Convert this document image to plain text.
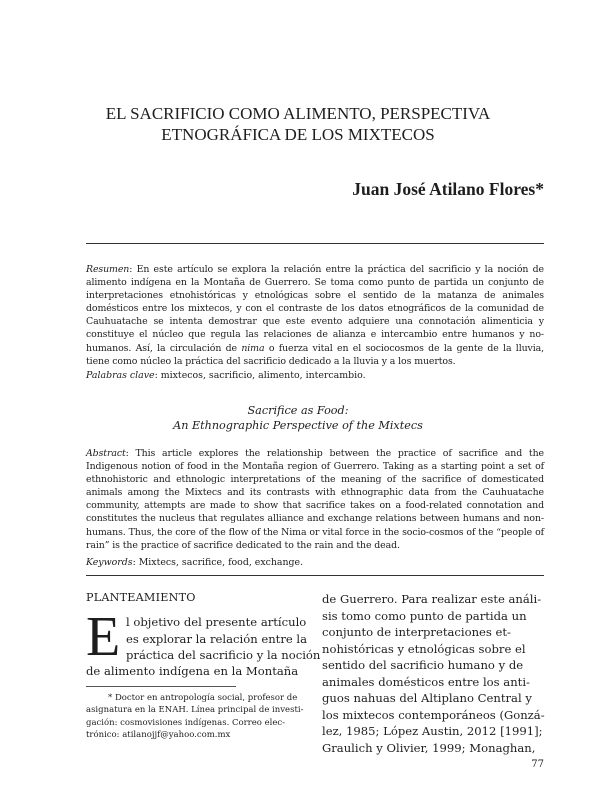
EL SACRIFICIO COMO ALIMENTO, PERSPECTIVA
ETNOGRÁFICA DE LOS MIXTECOS
Juan José Atilano Flores*
Resumen: En este artículo se explora la relación entre la práctica del sacrificio y la noción de alimento indígena en la Montaña de Guerrero. Se toma como punto de partida un conjunto de interpretaciones etnohistóricas y etnológicas sobre el sentido de la matanza de animales domésticos entre los mixtecos, y con el contraste de los datos etnográficos de la comunidad de Cauhuatache se intenta demostrar que este evento adquiere una connotación alimenticia y constituye el núcleo que regula las relaciones de alianza e intercambio entre humanos y no-humanos. Así, la circulación de nima o fuerza vital en el sociocosmos de la gente de la lluvia, tiene como núcleo la práctica del sacrificio dedicado a la lluvia y a los muertos.
Palabras clave: mixtecos, sacrificio, alimento, intercambio.
Sacrifice as Food:
An Ethnographic Perspective of the Mixtecs
Abstract: This article explores the relationship between the practice of sacrifice and the Indigenous notion of food in the Montaña region of Guerrero. Taking as a starting point a set of ethnohistoric and ethnologic interpretations of the meaning of the sacrifice of domesticated animals among the Mixtecs and its contrasts with ethnographic data from the Cauhuatache community, attempts are made to show that sacrifice takes on a food-related connotation and constitutes the nucleus that regulates alliance and exchange relations between humans and non-humans. Thus, the core of the flow of the Nima or vital force in the socio-cosmos of the “people of rain” is the practice of sacrifice dedicated to the rain and the dead.
Keywords: Mixtecs, sacrifice, food, exchange.
PLANTEAMIENTO
E l objetivo del presente artículo
es explorar la relación entre la
práctica del sacrificio y la noción
de alimento indígena en la Montaña
* Doctor en antropología social, profesor de
asignatura en la ENAH. Línea principal de investi-
gación: cosmovisiones indígenas. Correo elec-
trónico: atilanojjf@yahoo.com.mx
de Guerrero. Para realizar este análi-
sis tomo como punto de partida un
conjunto de interpretaciones et-
nohistóricas y etnológicas sobre el
sentido del sacrificio humano y de
animales domésticos entre los anti-
guos nahuas del Altiplano Central y
los mixtecos contemporáneos (Gonzá-
lez, 1985; López Austin, 2012 [1991];
Graulich y Olivier, 1999; Monaghan,
77
